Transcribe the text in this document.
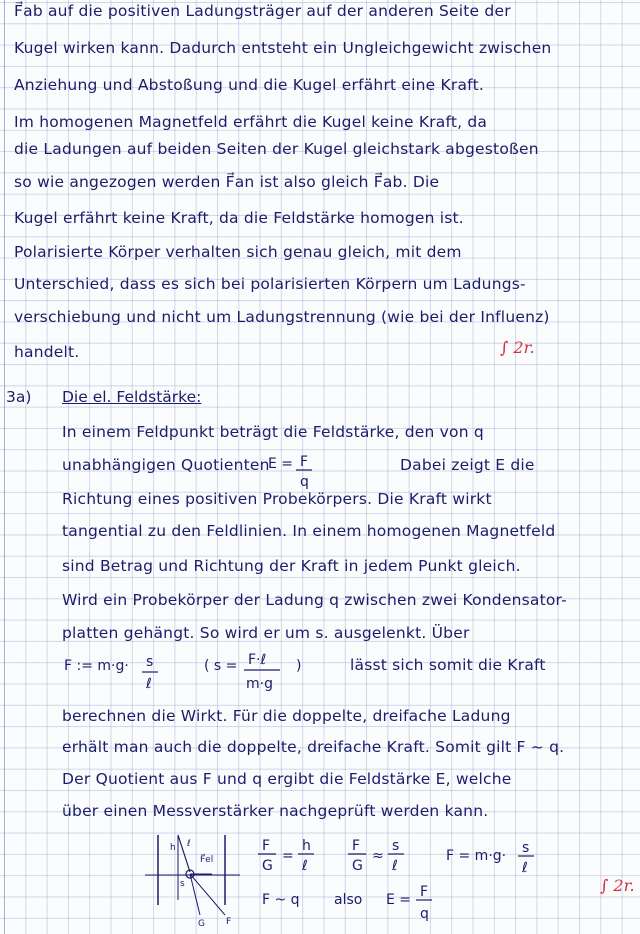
F⃗ab auf die positiven Ladungsträger auf der anderen Seite der
Kugel wirken kann. Dadurch entsteht ein Ungleichgewicht zwischen
Anziehung und Abstoßung und die Kugel erfährt eine Kraft.
Im homogenen Magnetfeld erfährt die Kugel keine Kraft, da
die Ladungen auf beiden Seiten der Kugel gleichstark abgestoßen
so wie angezogen werden F⃗an ist also gleich F⃗ab. Die
Kugel erfährt keine Kraft, da die Feldstärke homogen ist.
Polarisierte Körper verhalten sich genau gleich, mit dem
Unterschied, dass es sich bei polarisierten Körpern um Ladungs-
verschiebung und nicht um Ladungstrennung (wie bei der Influenz)
handelt.	∫ 2r.
3a) Die el. Feldstärke:
In einem Feldpunkt beträgt die Feldstärke, den von q
unabhängigen Quotienten	Dabei zeigt E die
Richtung eines positiven Probekörpers. Die Kraft wirkt
tangential zu den Feldlinien. In einem homogenen Magnetfeld
sind Betrag und Richtung der Kraft in jedem Punkt gleich.
Wird ein Probekörper der Ladung q zwischen zwei Kondensator-
platten gehängt. So wird er um s. ausgelenkt. Über
lässt sich somit die Kraft
berechnen die Wirkt. Für die doppelte, dreifache Ladung
erhält man auch die doppelte, dreifache Kraft. Somit gilt F ~ q.
Der Quotient aus F und q ergibt die Feldstärke E, welche
über einen Messverstärker nachgeprüft werden kann.
E = F
q
F := m·g· s
ℓ
( s = F·ℓ
m·g
)
h ℓ
F⃗el
s
G F
F
G
=
h
ℓ
F
G
≈
s
ℓ
F = m·g· s
ℓ
F ~ q also E = F
q
∫ 2r.
